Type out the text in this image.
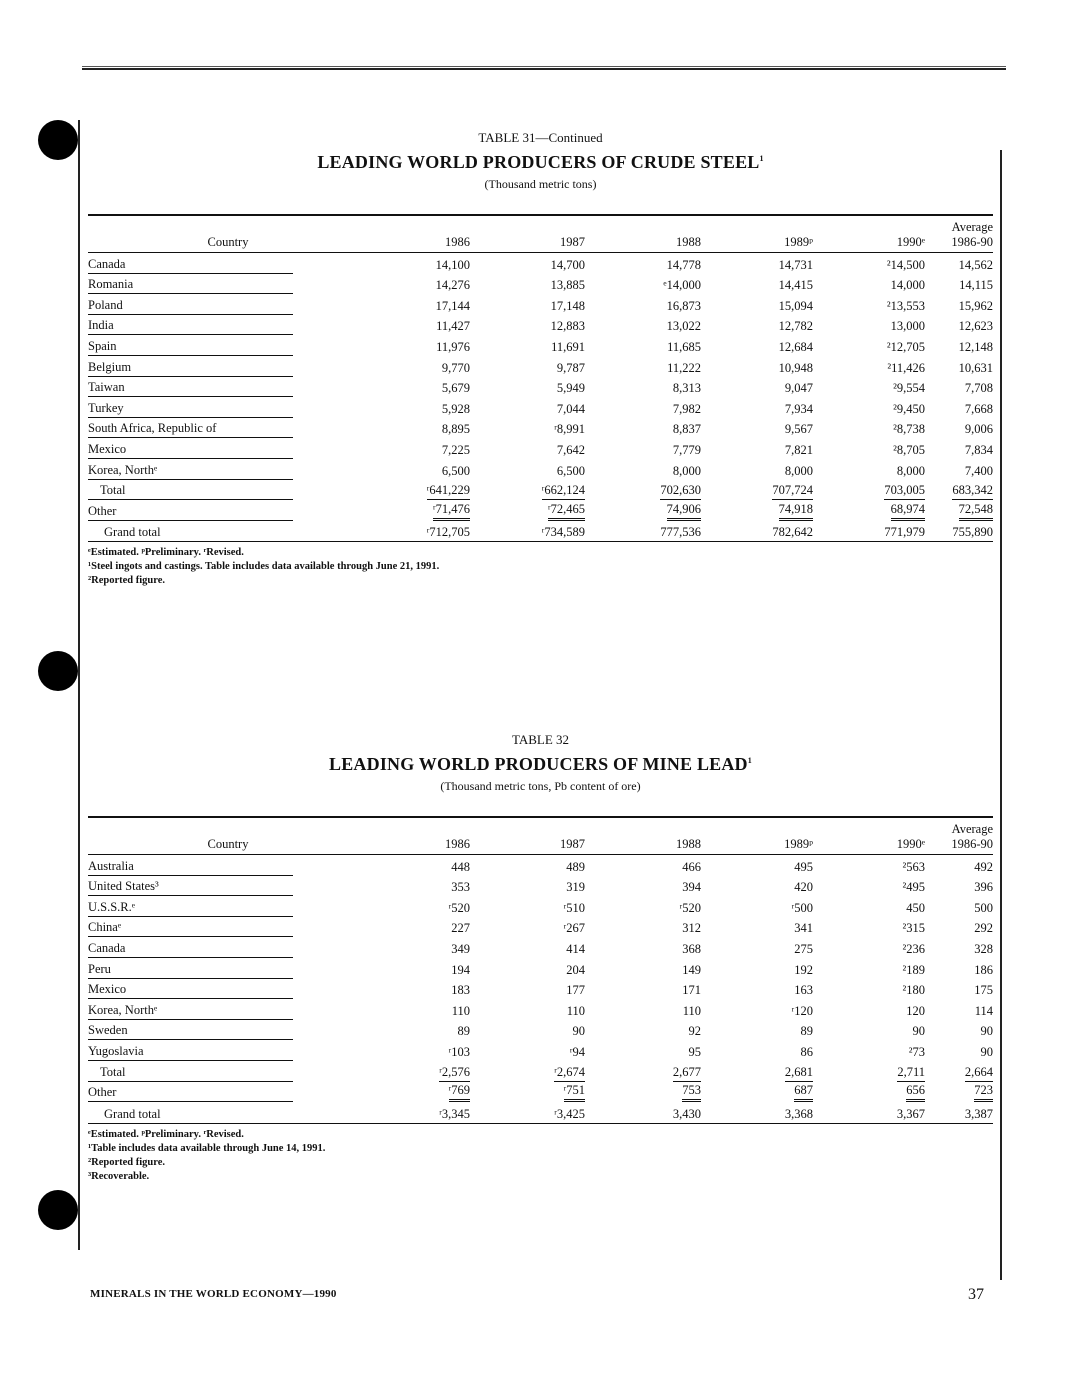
TABLE 31—Continued

LEADING WORLD PRODUCERS OF CRUDE STEEL$^1$

(Thousand metric tons)

Country	1986	1987	1988	1989ᵖ	1990ᵉ	Average 1986-90
Canada	14,100	14,700	14,778	14,731	²14,500	14,562
Romania	14,276	13,885	ᵉ14,000	14,415	14,000	14,115
Poland	17,144	17,148	16,873	15,094	²13,553	15,962
India	11,427	12,883	13,022	12,782	13,000	12,623
Spain	11,976	11,691	11,685	12,684	²12,705	12,148
Belgium	9,770	9,787	11,222	10,948	²11,426	10,631
Taiwan	5,679	5,949	8,313	9,047	²9,554	7,708
Turkey	5,928	7,044	7,982	7,934	²9,450	7,668
South Africa, Republic of	8,895	ʳ8,991	8,837	9,567	²8,738	9,006
Mexico	7,225	7,642	7,779	7,821	²8,705	7,834
Korea, Northᵉ	6,500	6,500	8,000	8,000	8,000	7,400
Total	ʳ641,229	ʳ662,124	702,630	707,724	703,005	683,342
Other	ʳ71,476	ʳ72,465	74,906	74,918	68,974	72,548
Grand total	ʳ712,705	ʳ734,589	777,536	782,642	771,979	755,890
ᵉEstimated. ᵖPreliminary. ʳRevised.
¹Steel ingots and castings. Table includes data available through June 21, 1991.
²Reported figure.

TABLE 32

LEADING WORLD PRODUCERS OF MINE LEAD$^1$

(Thousand metric tons, Pb content of ore)

Country	1986	1987	1988	1989ᵖ	1990ᵉ	Average 1986-90
Australia	448	489	466	495	²563	492
United States³	353	319	394	420	²495	396
U.S.S.R.ᵉ	ʳ520	ʳ510	ʳ520	ʳ500	450	500
Chinaᵉ	227	ʳ267	312	341	²315	292
Canada	349	414	368	275	²236	328
Peru	194	204	149	192	²189	186
Mexico	183	177	171	163	²180	175
Korea, Northᵉ	110	110	110	ʳ120	120	114
Sweden	89	90	92	89	90	90
Yugoslavia	ʳ103	ʳ94	95	86	²73	90
Total	ʳ2,576	ʳ2,674	2,677	2,681	2,711	2,664
Other	ʳ769	ʳ751	753	687	656	723
Grand total	ʳ3,345	ʳ3,425	3,430	3,368	3,367	3,387
ᵉEstimated. ᵖPreliminary. ʳRevised.
¹Table includes data available through June 14, 1991.
²Reported figure.
³Recoverable.
MINERALS IN THE WORLD ECONOMY—1990	37
